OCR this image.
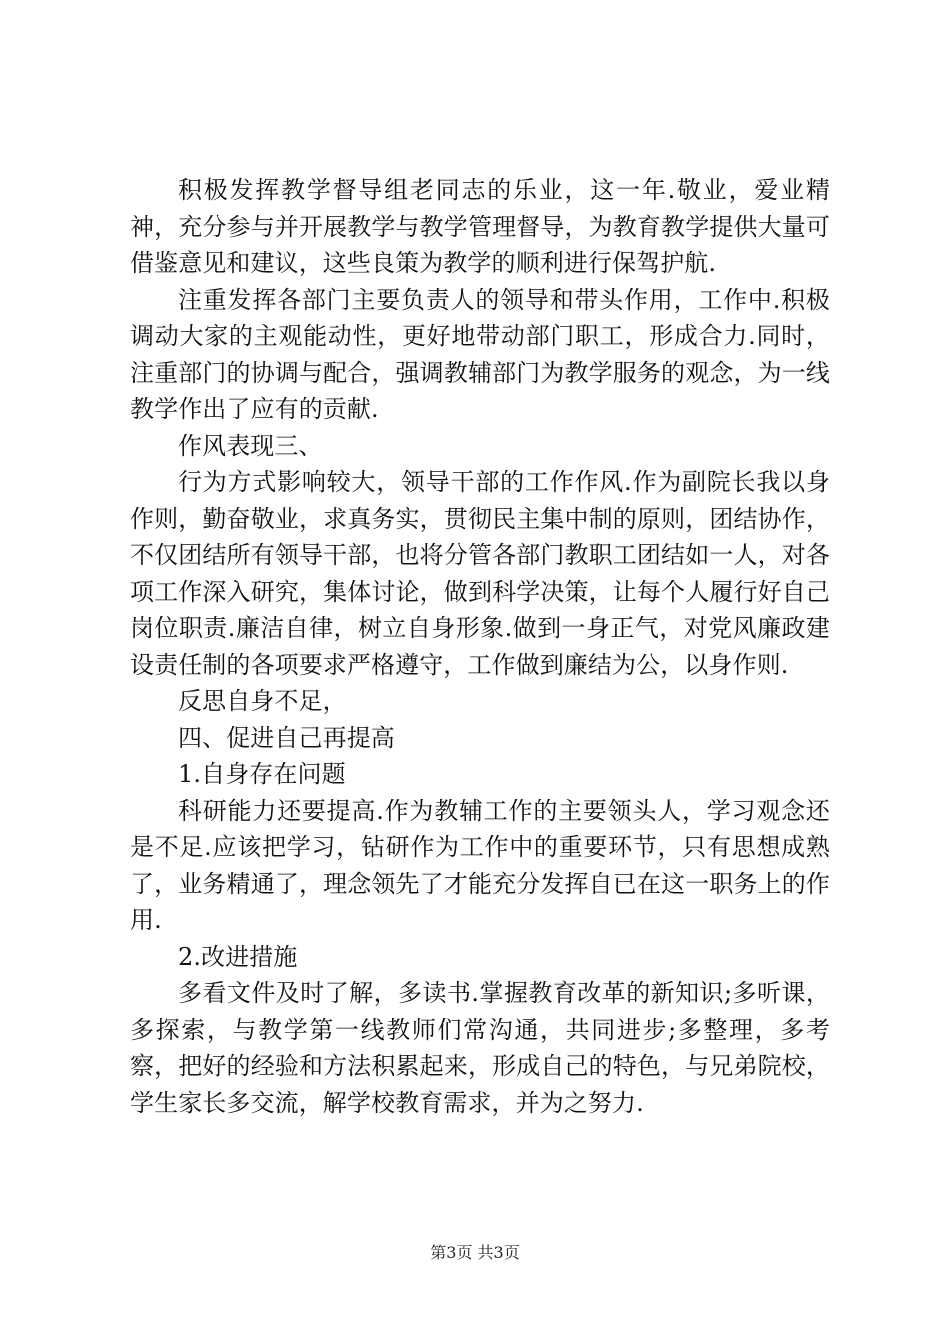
积极发挥教学督导组老同志的乐业，这一年.敬业，爱业精神，充分参与并开展教学与教学管理督导，为教育教学提供大量可借鉴意见和建议，这些良策为教学的顺利进行保驾护航.

注重发挥各部门主要负责人的领导和带头作用，工作中.积极调动大家的主观能动性，更好地带动部门职工，形成合力.同时，注重部门的协调与配合，强调教辅部门为教学服务的观念，为一线教学作出了应有的贡献.

作风表现三、

行为方式影响较大，领导干部的工作作风.作为副院长我以身作则，勤奋敬业，求真务实，贯彻民主集中制的原则，团结协作，不仅团结所有领导干部，也将分管各部门教职工团结如一人，对各项工作深入研究，集体讨论，做到科学决策，让每个人履行好自己岗位职责.廉洁自律，树立自身形象.做到一身正气，对党风廉政建设责任制的各项要求严格遵守，工作做到廉结为公，以身作则.

反思自身不足，

四、促进自己再提高

1.自身存在问题

科研能力还要提高.作为教辅工作的主要领头人，学习观念还是不足.应该把学习，钻研作为工作中的重要环节，只有思想成熟了，业务精通了，理念领先了才能充分发挥自已在这一职务上的作用.

2.改进措施

多看文件及时了解，多读书.掌握教育改革的新知识;多听课，多探索，与教学第一线教师们常沟通，共同进步;多整理，多考察，把好的经验和方法积累起来，形成自己的特色，与兄弟院校，学生家长多交流，解学校教育需求，并为之努力.

第3页 共3页
